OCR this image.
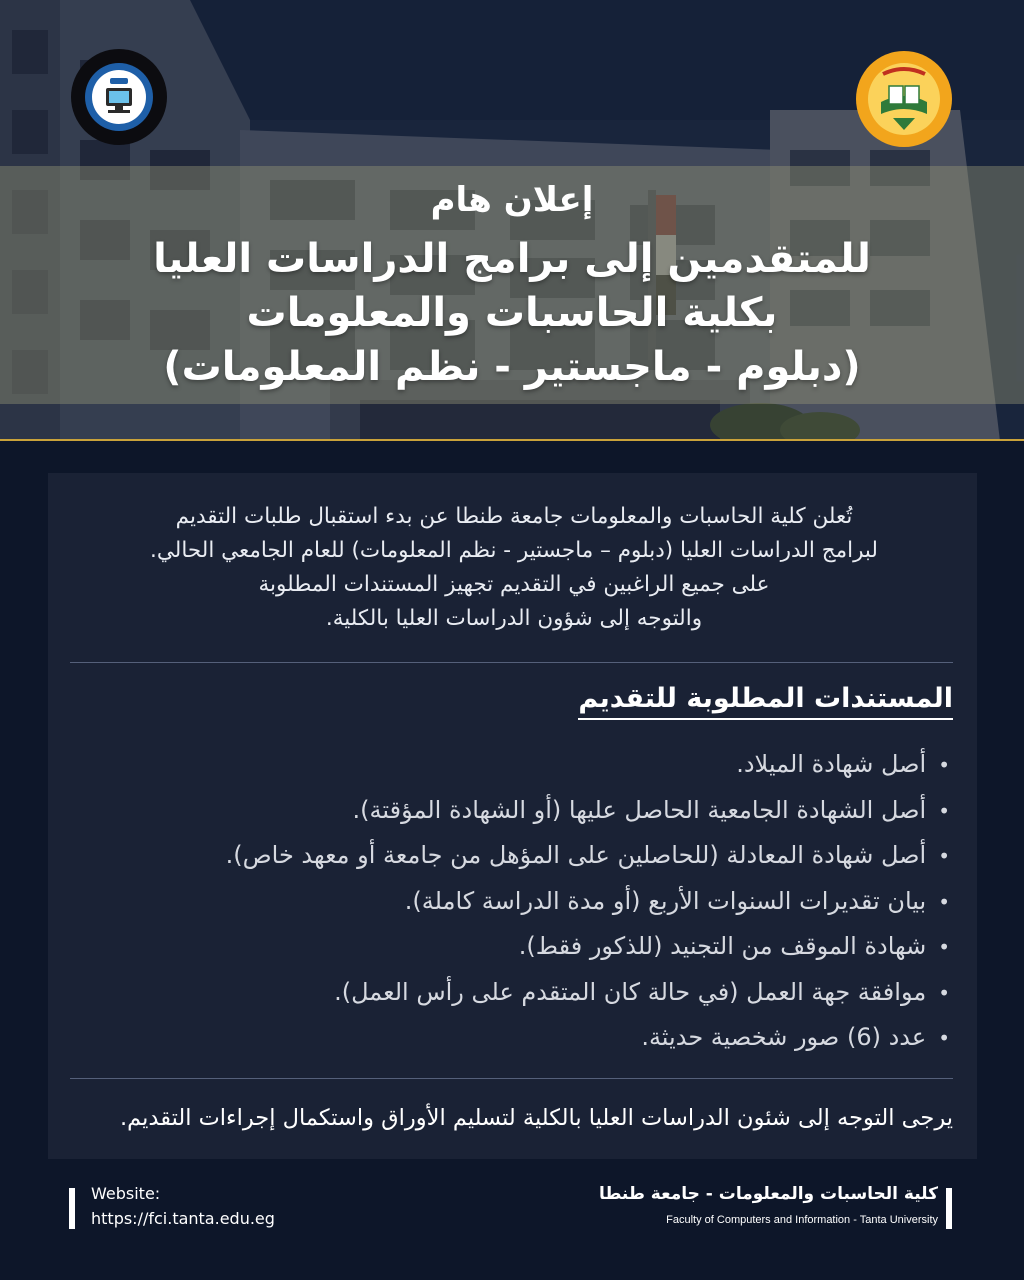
إعلان هام
للمتقدمين إلى برامج الدراسات العليا
بكلية الحاسبات والمعلومات
(دبلوم - ماجستير - نظم المعلومات)

تُعلن كلية الحاسبات والمعلومات جامعة طنطا عن بدء استقبال طلبات التقديم

لبرامج الدراسات العليا (دبلوم – ماجستير - نظم المعلومات) للعام الجامعي الحالي.

على جميع الراغبين في التقديم تجهيز المستندات المطلوبة

والتوجه إلى شؤون الدراسات العليا بالكلية.

المستندات المطلوبة للتقديم
•أصل شهادة الميلاد.
•أصل الشهادة الجامعية الحاصل عليها (أو الشهادة المؤقتة).
•أصل شهادة المعادلة (للحاصلين على المؤهل من جامعة أو معهد خاص).
•بيان تقديرات السنوات الأربع (أو مدة الدراسة كاملة).
•شهادة الموقف من التجنيد (للذكور فقط).
•موافقة جهة العمل (في حالة كان المتقدم على رأس العمل).
•عدد (6) صور شخصية حديثة.
يرجى التوجه إلى شئون الدراسات العليا بالكلية لتسليم الأوراق واستكمال إجراءات التقديم.
Website:
https://fci.tanta.edu.eg
كلية الحاسبات والمعلومات - جامعة طنطا
Faculty of Computers and Information - Tanta University
